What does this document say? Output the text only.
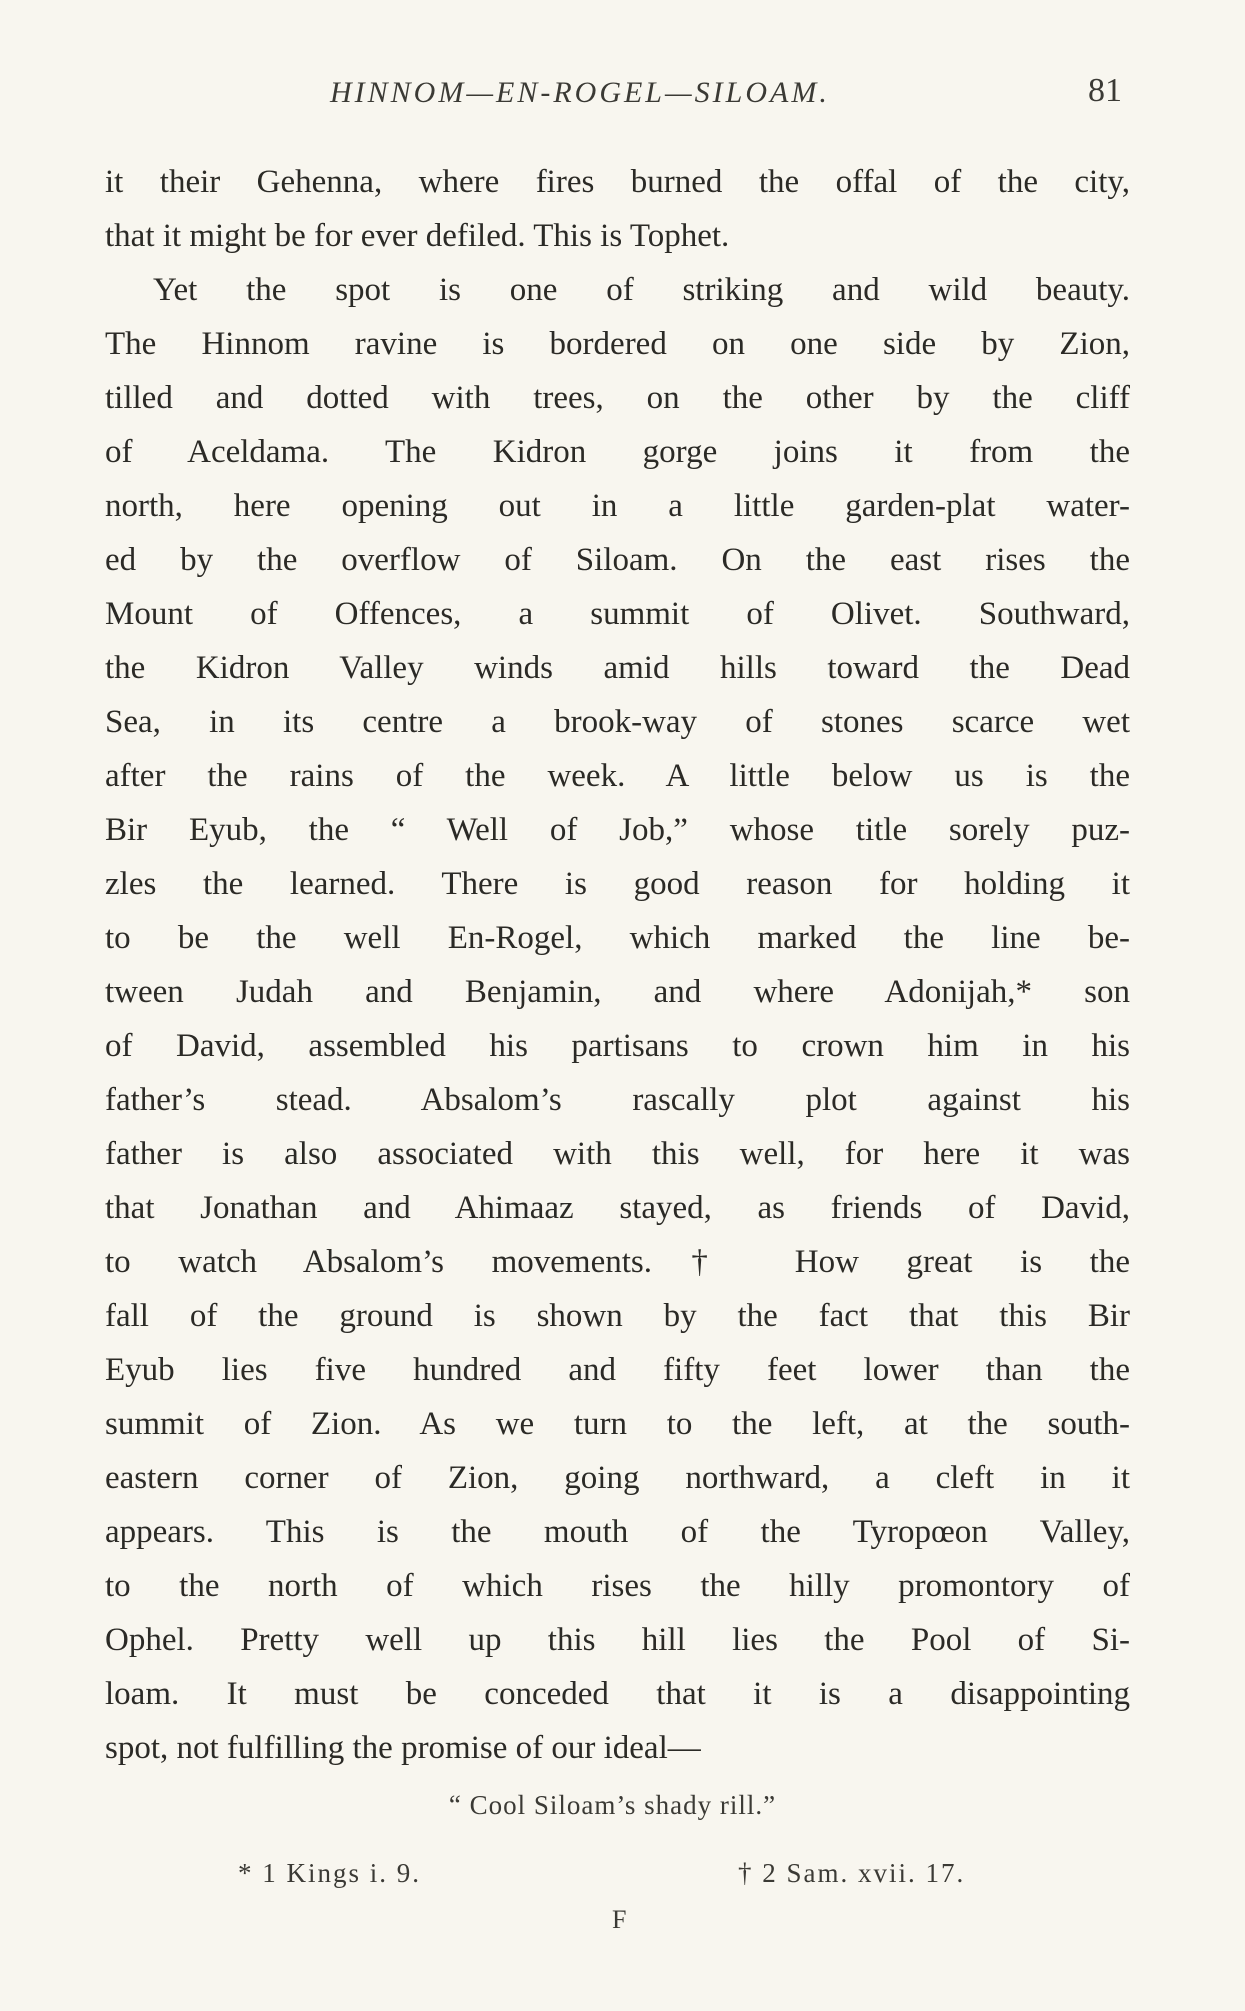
HINNOM—EN-ROGEL—SILOAM.	81
it their Gehenna, where fires burned the offal of the city,
that it might be for ever defiled. This is Tophet.
Yet the spot is one of striking and wild beauty.
The Hinnom ravine is bordered on one side by Zion,
tilled and dotted with trees, on the other by the cliff
of Aceldama. The Kidron gorge joins it from the
north, here opening out in a little garden-plat water-
ed by the overflow of Siloam. On the east rises the
Mount of Offences, a summit of Olivet. Southward,
the Kidron Valley winds amid hills toward the Dead
Sea, in its centre a brook-way of stones scarce wet
after the rains of the week. A little below us is the
Bir Eyub, the “ Well of Job,” whose title sorely puz-
zles the learned. There is good reason for holding it
to be the well En-Rogel, which marked the line be-
tween Judah and Benjamin, and where Adonijah,* son
of David, assembled his partisans to crown him in his
father’s stead. Absalom’s rascally plot against his
father is also associated with this well, for here it was
that Jonathan and Ahimaaz stayed, as friends of David,
to watch Absalom’s movements.† How great is the
fall of the ground is shown by the fact that this Bir
Eyub lies five hundred and fifty feet lower than the
summit of Zion. As we turn to the left, at the south-
eastern corner of Zion, going northward, a cleft in it
appears. This is the mouth of the Tyropœon Valley,
to the north of which rises the hilly promontory of
Ophel. Pretty well up this hill lies the Pool of Si-
loam. It must be conceded that it is a disappointing
spot, not fulfilling the promise of our ideal—
“ Cool Siloam’s shady rill.”
* 1 Kings i. 9.	† 2 Sam. xvii. 17.
F
